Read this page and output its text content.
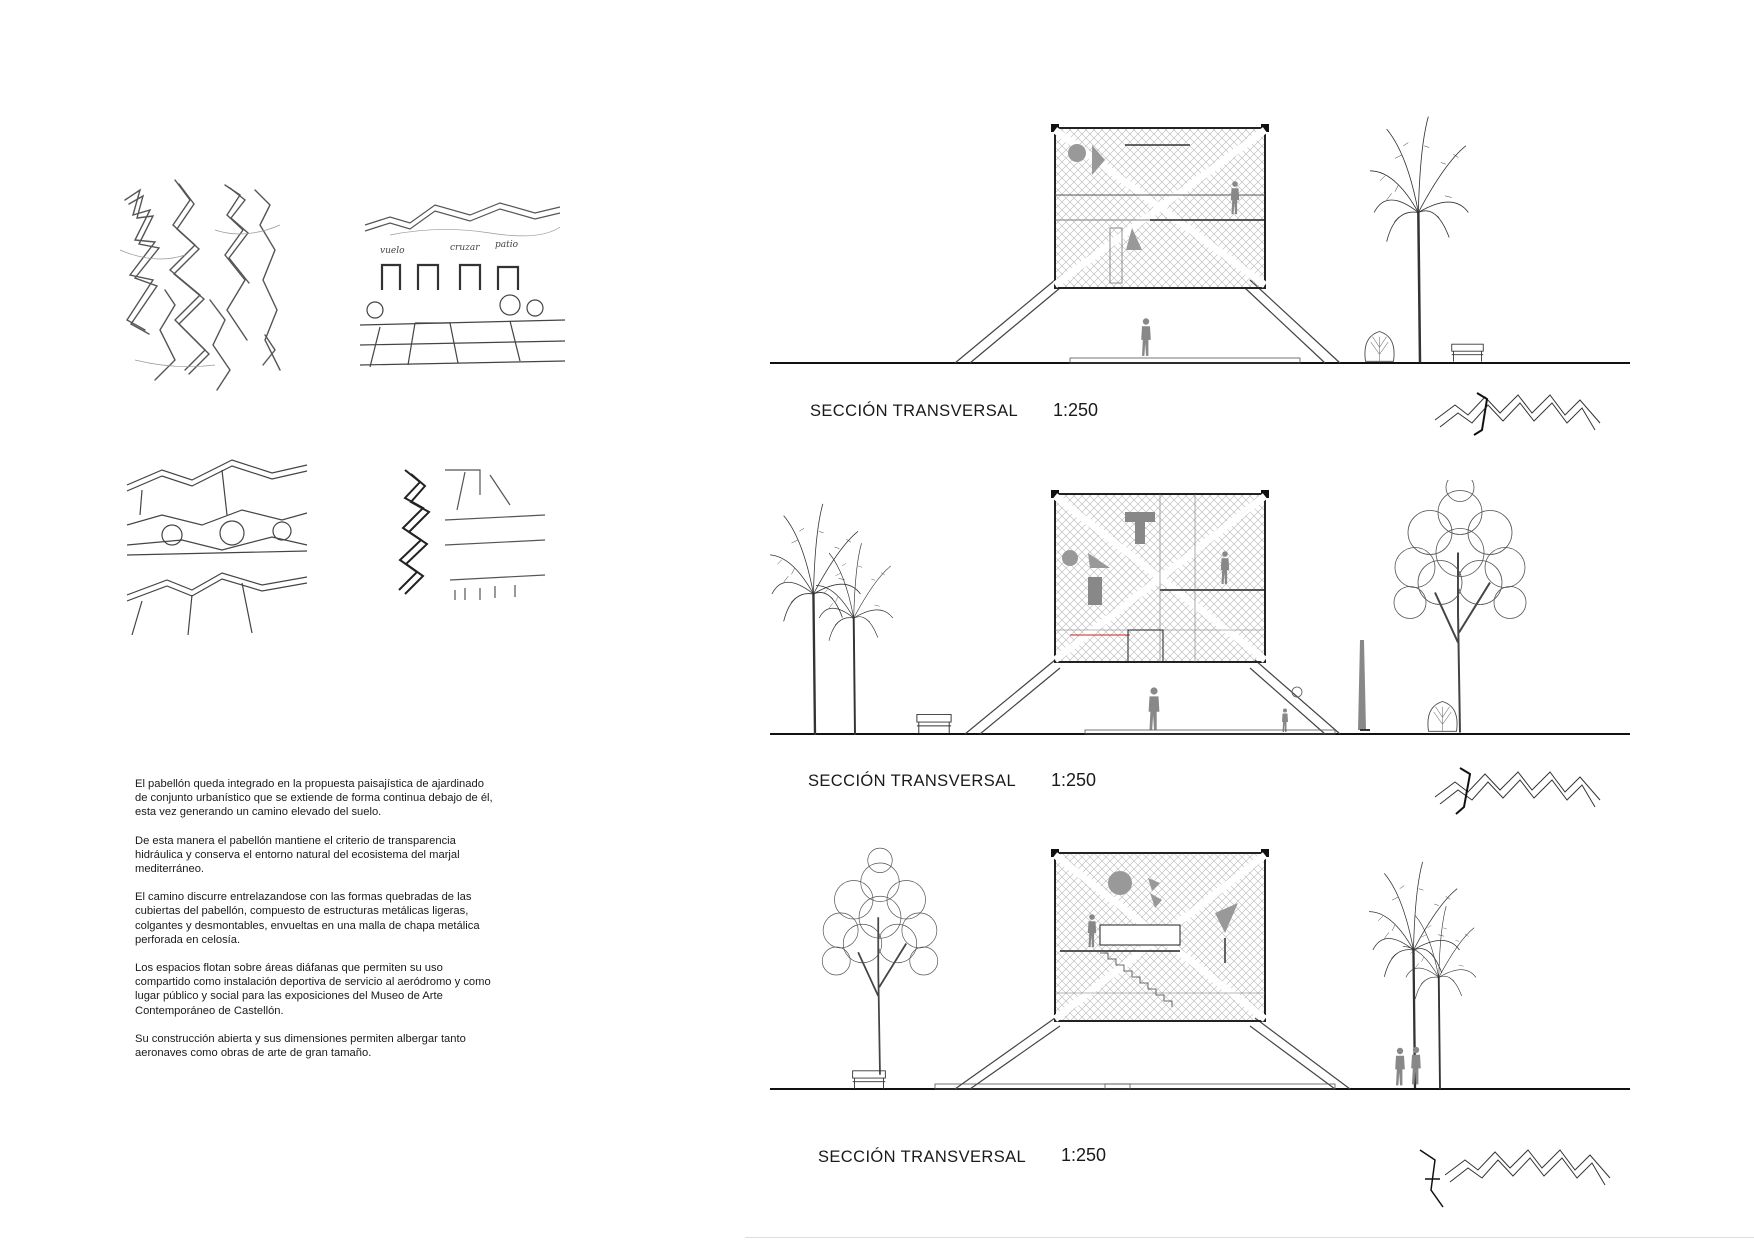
vuelo	cruzar patio

El pabellón queda integrado en la propuesta paisajística de ajardinado de conjunto urbanístico que se extiende de forma continua debajo de él, esta vez generando un camino elevado del suelo.

De esta manera el pabellón mantiene el criterio de transparencia hidráulica y conserva el entorno natural del ecosistema del marjal mediterráneo.

El camino discurre entrelazandose con las formas quebradas de las cubiertas del pabellón, compuesto de estructuras metálicas ligeras, colgantes y desmontables, envueltas en una malla de chapa metálica perforada en celosía.

Los espacios flotan sobre áreas diáfanas que permiten su uso compartido como instalación deportiva de servicio al aeródromo y como lugar público y social para las exposiciones del Museo de Arte Contemporáneo de Castellón.

Su construcción abierta y sus dimensiones permiten albergar tanto aeronaves como obras de arte de gran tamaño.

SECCIÓN TRANSVERSAL 1:250
SECCIÓN TRANSVERSAL 1:250
SECCIÓN TRANSVERSAL 1:250
